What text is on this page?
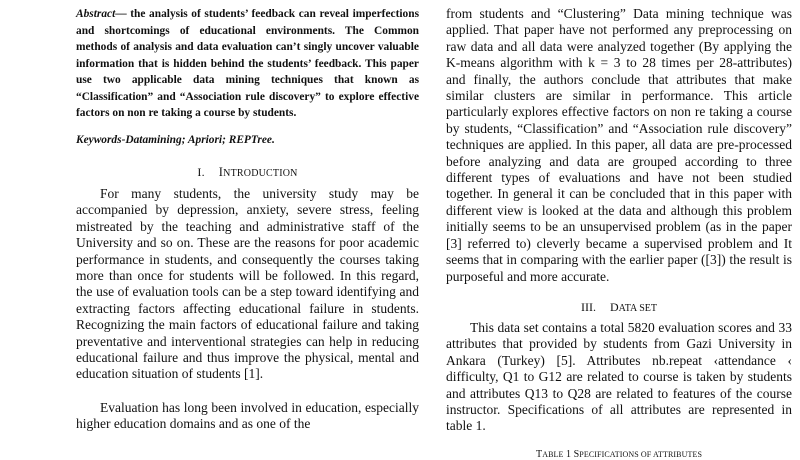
Abstract— the analysis of students’ feedback can reveal imperfections and shortcomings of educational environments. The Common methods of analysis and data evaluation can’t singly uncover valuable information that is hidden behind the students’ feedback. This paper use two applicable data mining techniques that known as “Classification” and “Association rule discovery” to explore effective factors on non re taking a course by students.

Keywords-Datamining; Apriori; REPTree.

I. INTRODUCTION

For many students, the university study may be accompanied by depression, anxiety, severe stress, feeling mistreated by the teaching and administrative staff of the University and so on. These are the reasons for poor academic performance in students, and consequently the courses taking more than once for students will be followed. In this regard, the use of evaluation tools can be a step toward identifying and extracting factors affecting educational failure in students. Recognizing the main factors of educational failure and taking preventative and interventional strategies can help in reducing educational failure and thus improve the physical, mental and education situation of students [1].

Evaluation has long been involved in education, especially higher education domains and as one of the

from students and “Clustering” Data mining technique was applied. That paper have not performed any preprocessing on raw data and all data were analyzed together (By applying the K-means algorithm with k = 3 to 28 times per 28-attributes) and finally, the authors conclude that attributes that make similar clusters are similar in performance. This article particularly explores effective factors on non re taking a course by students, “Classification” and “Association rule discovery” techniques are applied. In this paper, all data are pre-processed before analyzing and data are grouped according to three different types of evaluations and have not been studied together. In general it can be concluded that in this paper with different view is looked at the data and although this problem initially seems to be an unsupervised problem (as in the paper [3] referred to) cleverly became a supervised problem and It seems that in comparing with the earlier paper ([3]) the result is purposeful and more accurate.

III. DATA SET

This data set contains a total 5820 evaluation scores and 33 attributes that provided by students from Gazi University in Ankara (Turkey) [5]. Attributes nb.repeat ‹attendance ‹ difficulty, Q1 to G12 are related to course is taken by students and attributes Q13 to Q28 are related to features of the course instructor. Specifications of all attributes are represented in table 1.

TABLE 1 SPECIFICATIONS OF ATTRIBUTES
